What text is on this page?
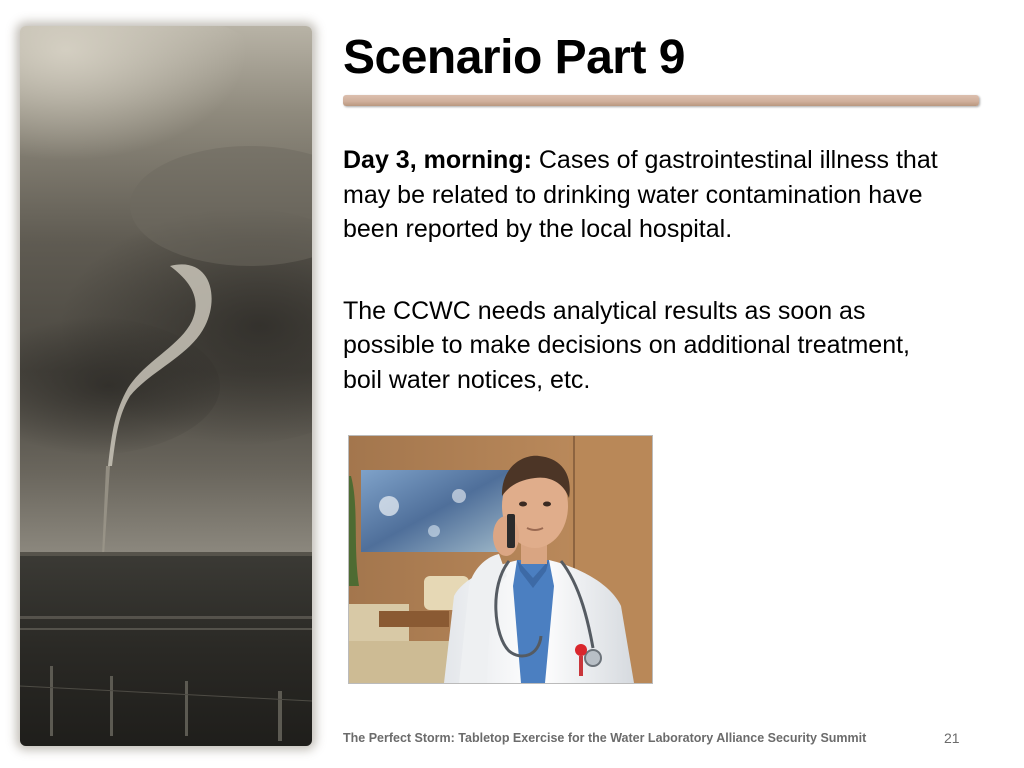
Scenario Part 9

Day 3, morning: Cases of gastrointestinal illness that may be related to drinking water contamination have been reported by the local hospital.

The CCWC needs analytical results as soon as possible to make decisions on additional treatment, boil water notices, etc.

The Perfect Storm: Tabletop Exercise for the Water Laboratory Alliance Security Summit	21
